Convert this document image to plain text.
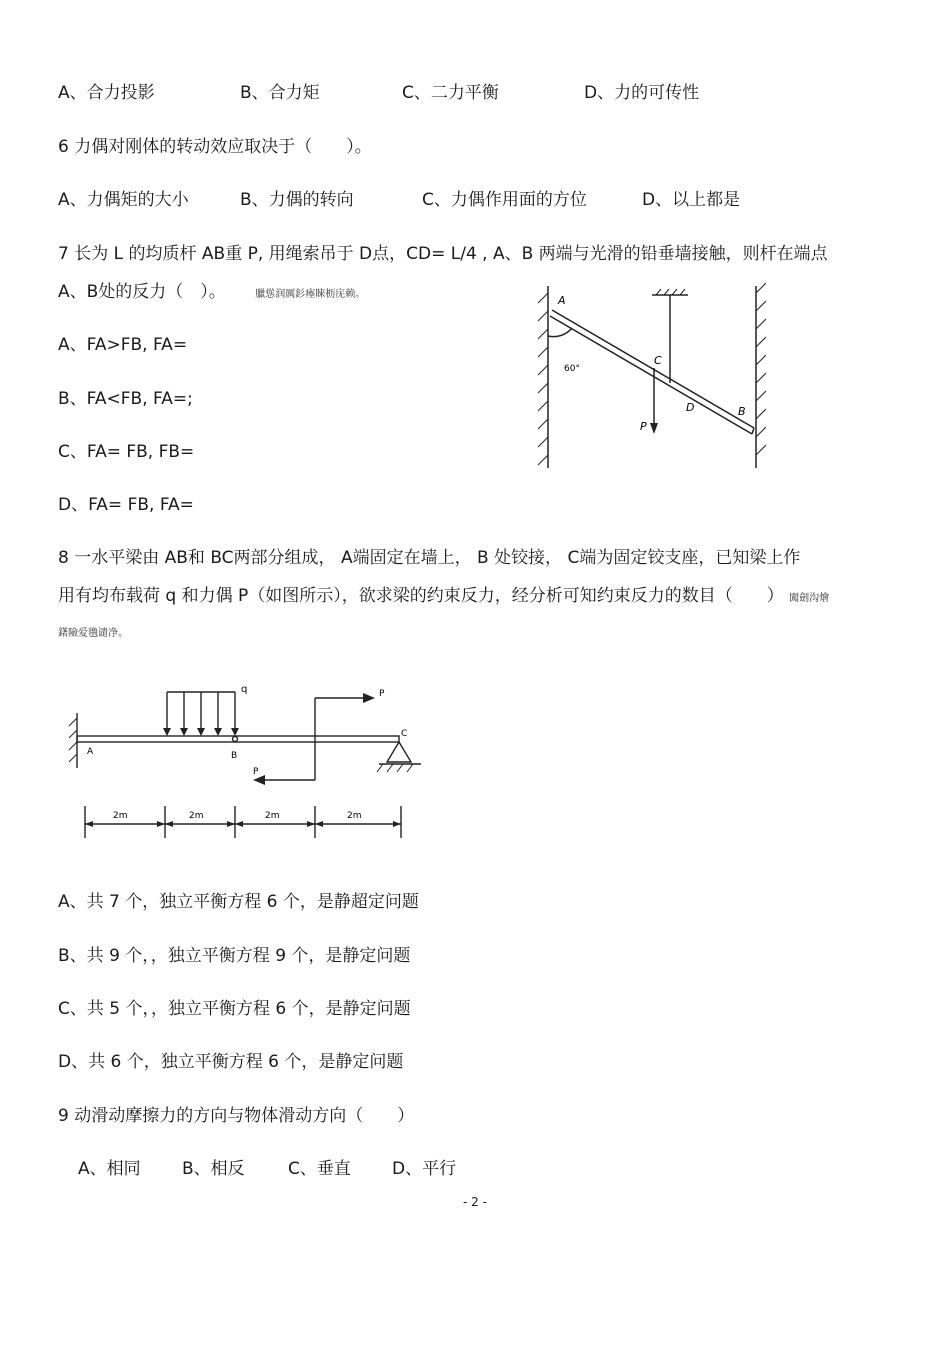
A、合力投影	B、合力矩	C、二力平衡	D、力的可传性
6 力偶对刚体的转动效应取决于（　　）。
A、力偶矩的大小	B、力偶的转向	C、力偶作用面的方位	D、以上都是
7 长为 L 的均质杆 AB重 P, 用绳索吊于 D点，CD= L/4 , A、B 两端与光滑的铅垂墙接触，则杆在端点
A、B处的反力（　）。	臘慫润厲釤瘞睞枥庑赖。
A、FA>FB, FA=
B、FA<FB, FA=;
C、FA= FB, FB=
D、FA= FB, FA=
A
C
D	B
P
60°
8 一水平梁由 AB和 BC两部分组成， A端固定在墙上， B 处铰接， C端为固定铰支座，已知梁上作
用有均布载荷 q 和力偶 P（如图所示），欲求梁的约束反力，经分析可知约束反力的数目（　　） 闖劍沟燴
鐯險爱氇谴净。
q
A	B
C
P
P
2m	2m	2m	2m
A、共 7 个，独立平衡方程 6 个，是静超定问题
B、共 9 个，，独立平衡方程 9 个，是静定问题
C、共 5 个，，独立平衡方程 6 个，是静定问题
D、共 6 个，独立平衡方程 6 个，是静定问题
9 动滑动摩擦力的方向与物体滑动方向（　　）
A、相同 B、相反	C、垂直 D、平行
- 2 -
